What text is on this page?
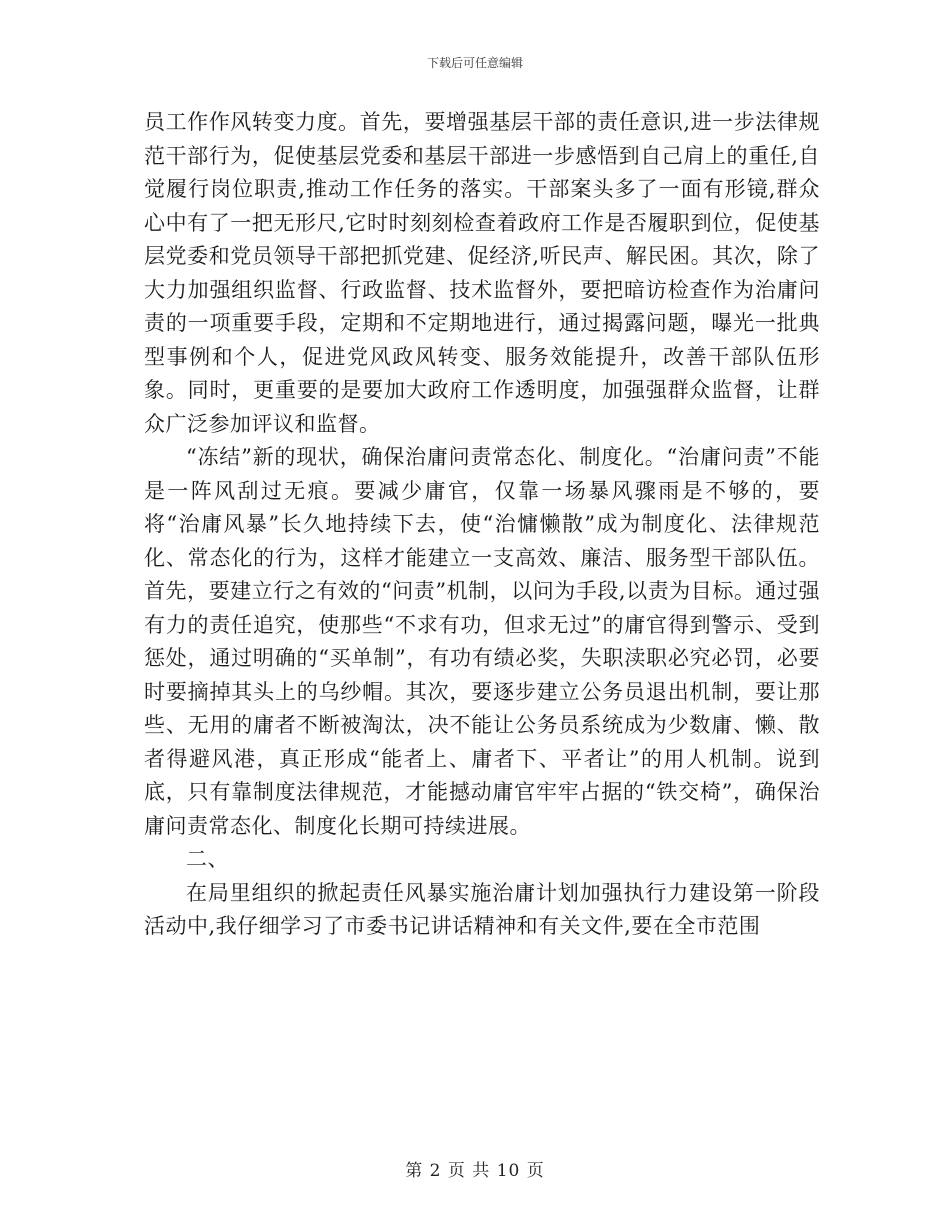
下载后可任意编辑

员工作作风转变力度。首先，要增强基层干部的责任意识,进一步法律规范干部行为，促使基层党委和基层干部进一步感悟到自己肩上的重任,自觉履行岗位职责,推动工作任务的落实。干部案头多了一面有形镜,群众心中有了一把无形尺,它时时刻刻检查着政府工作是否履职到位，促使基层党委和党员领导干部把抓党建、促经济,听民声、解民困。其次，除了大力加强组织监督、行政监督、技术监督外，要把暗访检查作为治庸问责的一项重要手段，定期和不定期地进行，通过揭露问题，曝光一批典型事例和个人，促进党风政风转变、服务效能提升，改善干部队伍形象。同时，更重要的是要加大政府工作透明度，加强强群众监督，让群众广泛参加评议和监督。

“冻结”新的现状，确保治庸问责常态化、制度化。“治庸问责”不能是一阵风刮过无痕。要减少庸官，仅靠一场暴风骤雨是不够的，要将“治庸风暴”长久地持续下去，使“治慵懒散”成为制度化、法律规范化、常态化的行为，这样才能建立一支高效、廉洁、服务型干部队伍。首先，要建立行之有效的“问责”机制，以问为手段,以责为目标。通过强有力的责任追究，使那些“不求有功，但求无过”的庸官得到警示、受到惩处，通过明确的“买单制”，有功有绩必奖，失职渎职必究必罚，必要时要摘掉其头上的乌纱帽。其次，要逐步建立公务员退出机制，要让那些、无用的庸者不断被淘汰，决不能让公务员系统成为少数庸、懒、散者得避风港，真正形成“能者上、庸者下、平者让”的用人机制。说到底，只有靠制度法律规范，才能撼动庸官牢牢占据的“铁交椅”，确保治庸问责常态化、制度化长期可持续进展。

二、

在局里组织的掀起责任风暴实施治庸计划加强执行力建设第一阶段活动中,我仔细学习了市委书记讲话精神和有关文件,要在全市范围

第 2 页 共 10 页
